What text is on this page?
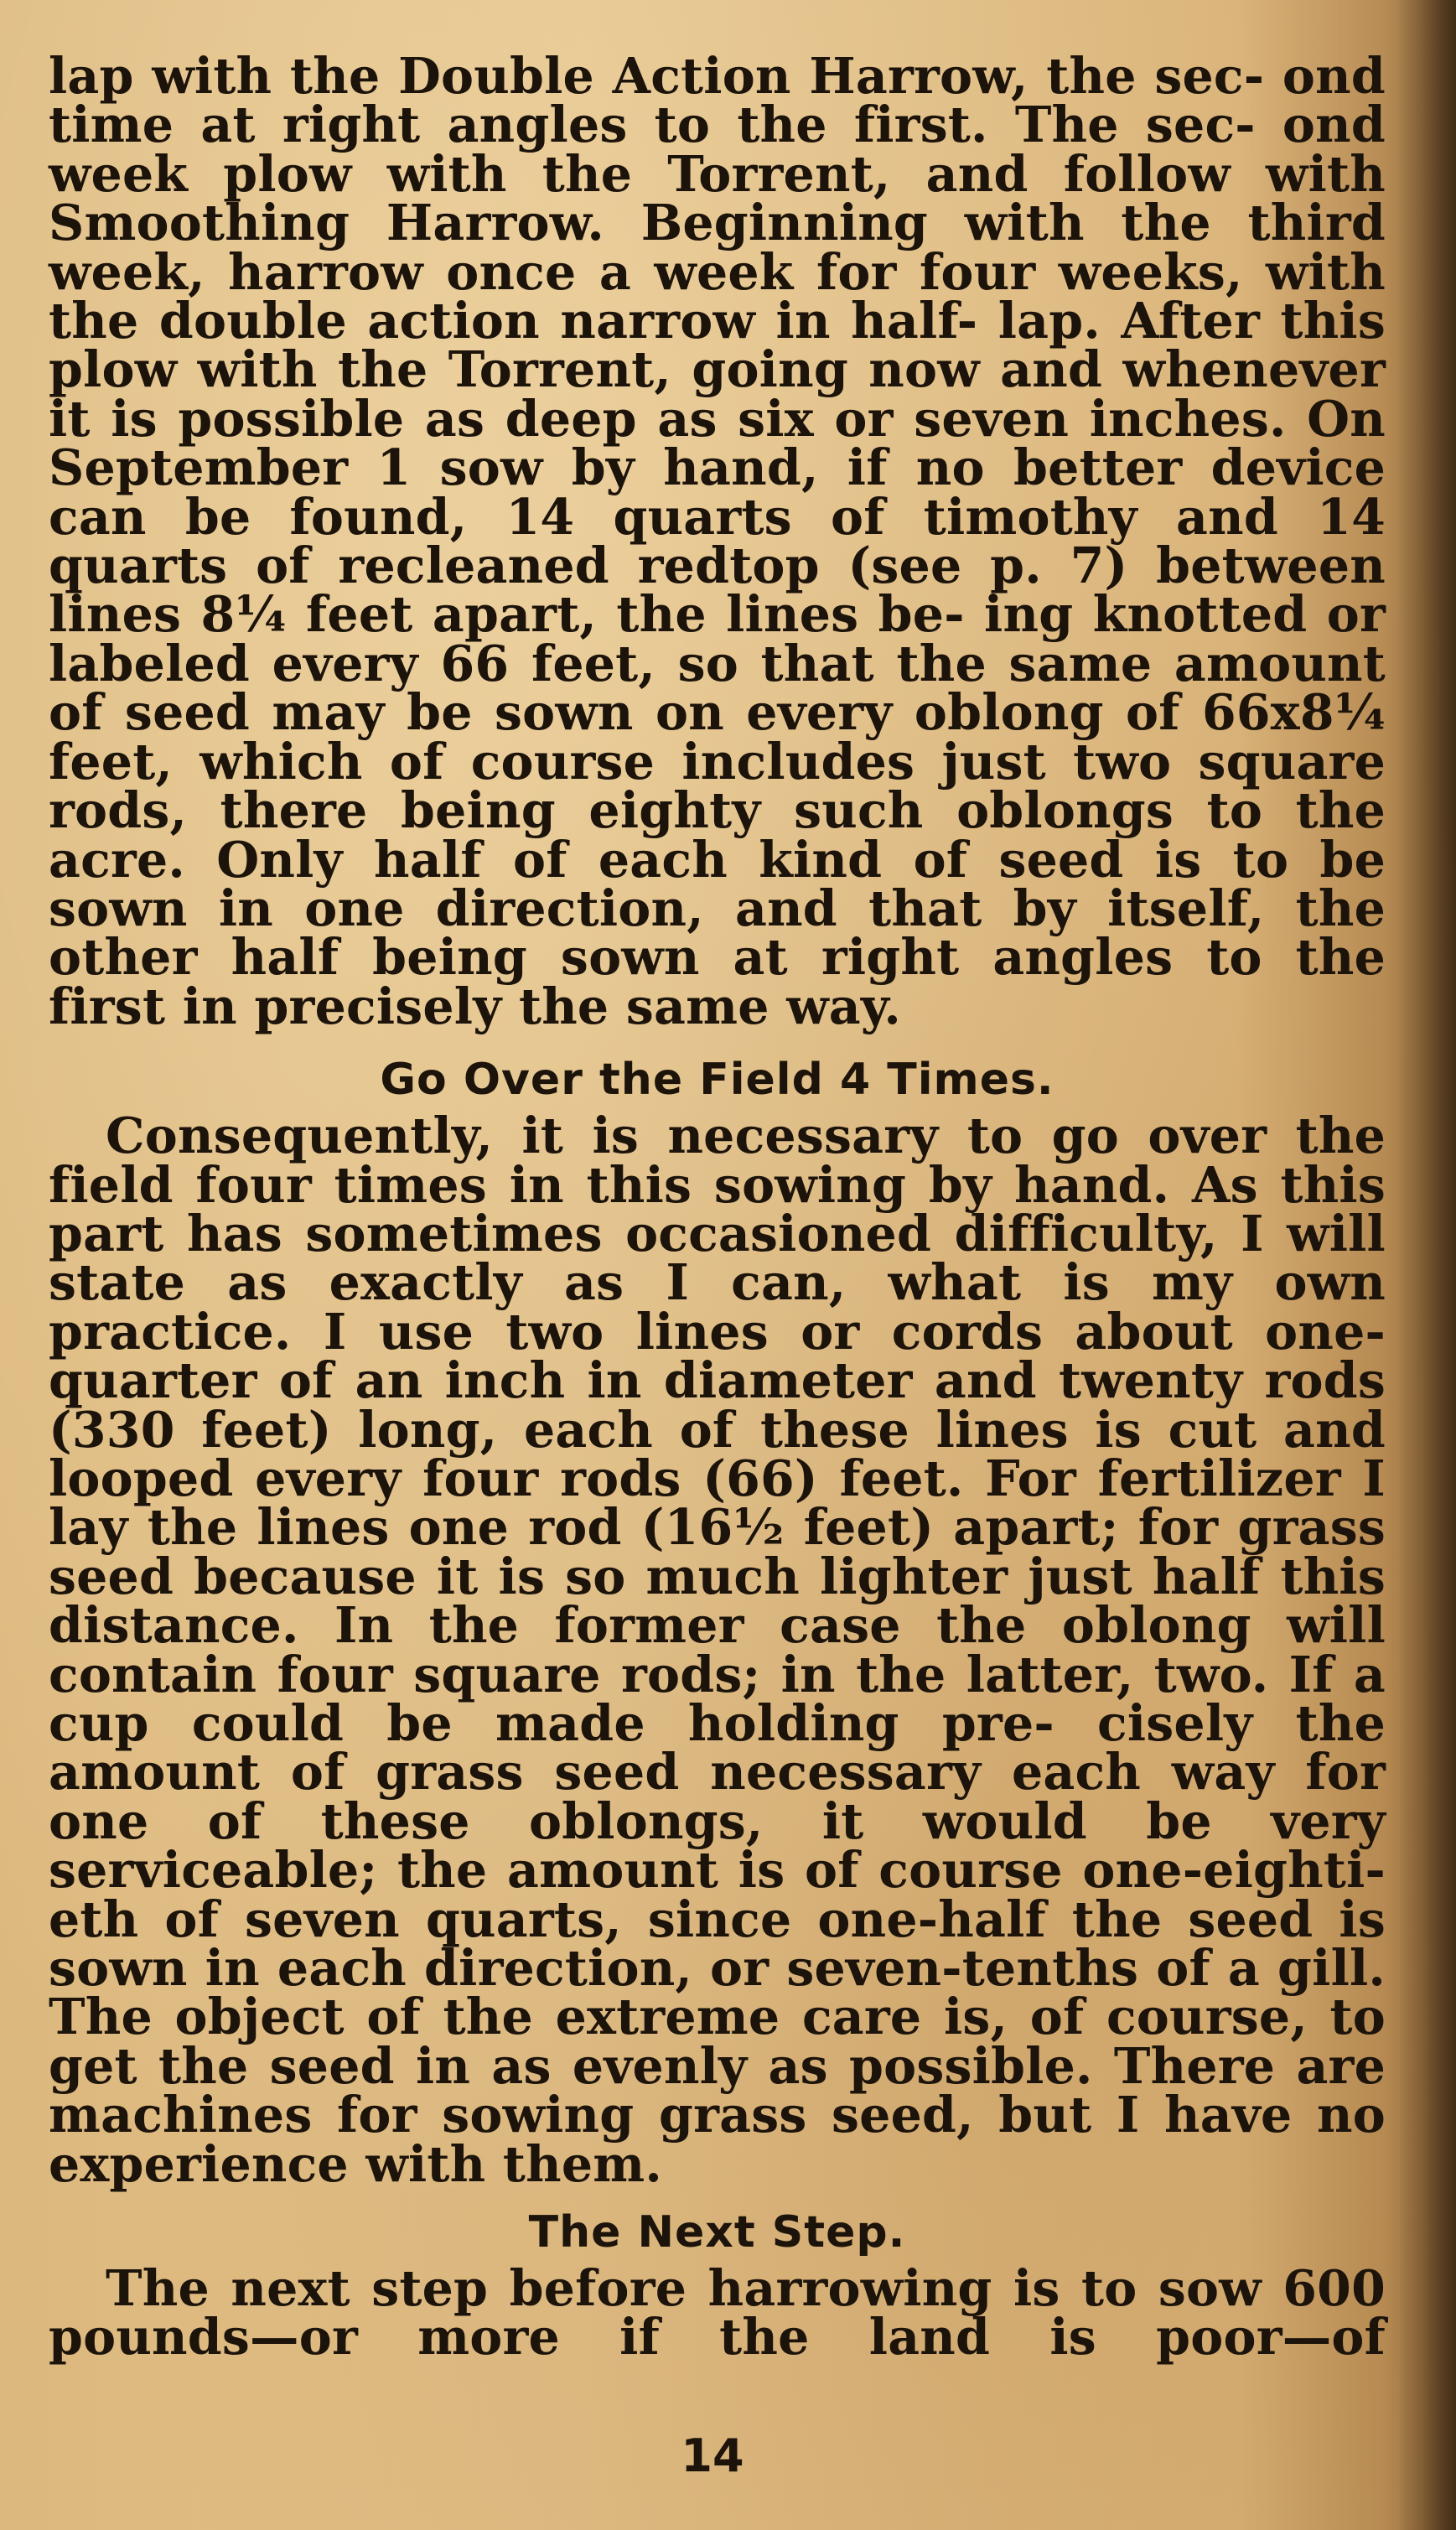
lap with the Double Action Harrow, the sec- ond time at right angles to the first. The sec- ond week plow with the Torrent, and follow with Smoothing Harrow. Beginning with the third week, harrow once a week for four weeks, with the double action narrow in half- lap. After this plow with the Torrent, going now and whenever it is possible as deep as six or seven inches. On September 1 sow by hand, if no better device can be found, 14 quarts of timothy and 14 quarts of recleaned redtop (see p. 7) between lines 8¼ feet apart, the lines be- ing knotted or labeled every 66 feet, so that the same amount of seed may be sown on every oblong of 66x8¼ feet, which of course includes just two square rods, there being eighty such oblongs to the acre. Only half of each kind of seed is to be sown in one direction, and that by itself, the other half being sown at right angles to the first in precisely the same way.

Go Over the Field 4 Times.

Consequently, it is necessary to go over the field four times in this sowing by hand. As this part has sometimes occasioned difficulty, I will state as exactly as I can, what is my own practice. I use two lines or cords about one- quarter of an inch in diameter and twenty rods (330 feet) long, each of these lines is cut and looped every four rods (66) feet. For fertilizer I lay the lines one rod (16½ feet) apart; for grass seed because it is so much lighter just half this distance. In the former case the oblong will contain four square rods; in the latter, two. If a cup could be made holding pre- cisely the amount of grass seed necessary each way for one of these oblongs, it would be very serviceable; the amount is of course one-eighti- eth of seven quarts, since one-half the seed is sown in each direction, or seven-tenths of a gill. The object of the extreme care is, of course, to get the seed in as evenly as possible. There are machines for sowing grass seed, but I have no experience with them.

The Next Step.

The next step before harrowing is to sow 600 pounds—or more if the land is poor—of

14
